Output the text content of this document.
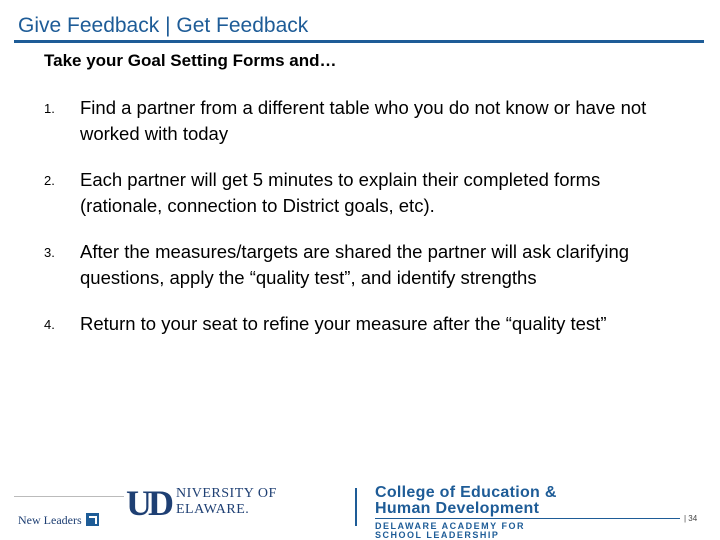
Give Feedback | Get Feedback
Take your Goal Setting Forms and…
1. Find a partner from a different table who you do not know or have not worked with today
2. Each partner will get 5 minutes to explain their completed forms (rationale, connection to District goals, etc).
3. After the measures/targets are shared the partner will ask clarifying questions, apply the “quality test”, and identify strengths
4. Return to your seat to refine your measure after the “quality test”
New Leaders	UD NIVERSITY OF
ELAWARE.
College of Education &
Human Development
DELAWARE ACADEMY FOR
SCHOOL LEADERSHIP
| 34
